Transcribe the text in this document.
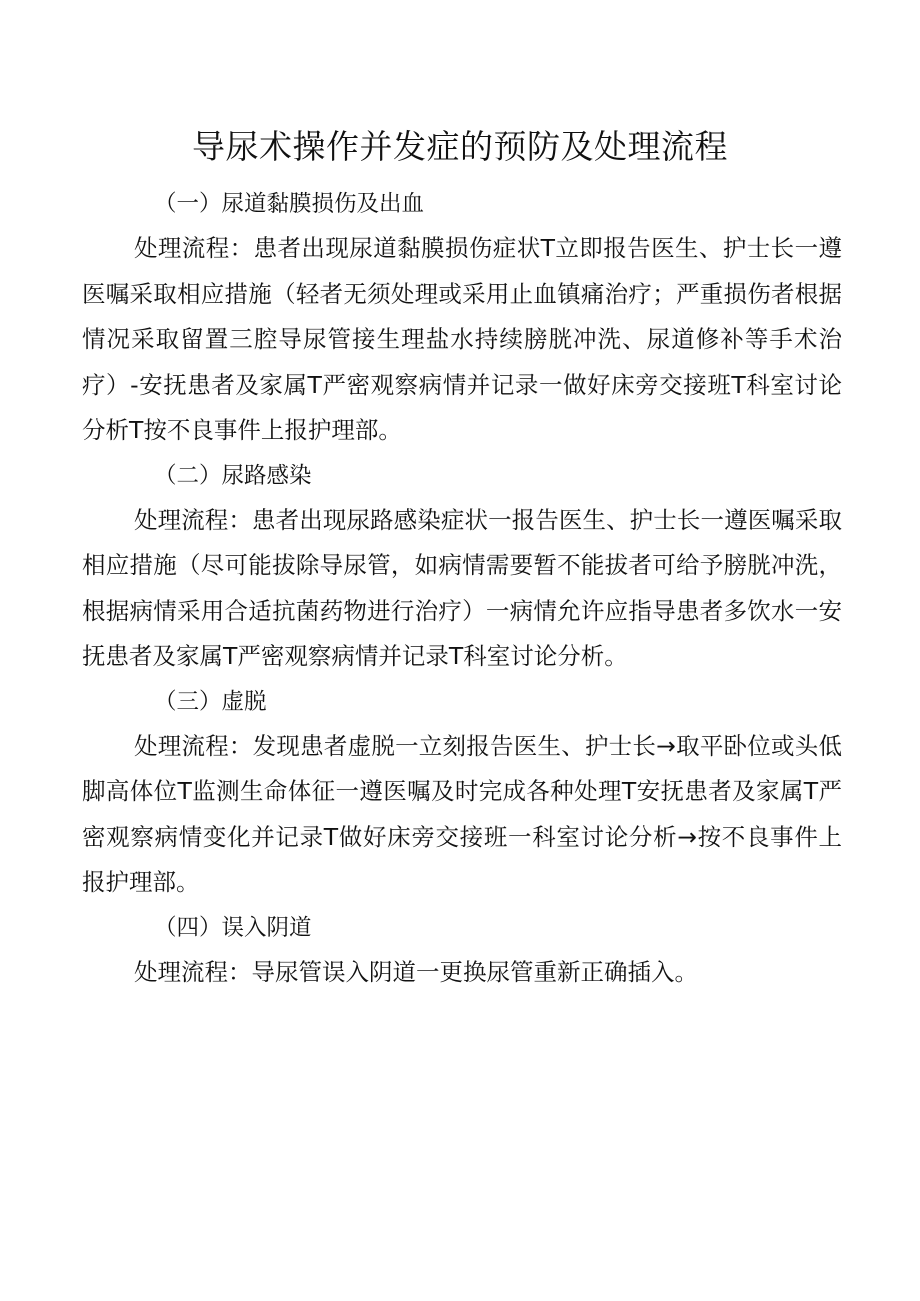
导尿术操作并发症的预防及处理流程

（一）尿道黏膜损伤及出血

处理流程：患者出现尿道黏膜损伤症状T立即报告医生、护士长一遵医嘱采取相应措施（轻者无须处理或采用止血镇痛治疗；严重损伤者根据情况采取留置三腔导尿管接生理盐水持续膀胱冲洗、尿道修补等手术治疗）-安抚患者及家属T严密观察病情并记录一做好床旁交接班T科室讨论分析T按不良事件上报护理部。

（二）尿路感染

处理流程：患者出现尿路感染症状一报告医生、护士长一遵医嘱采取相应措施（尽可能拔除导尿管，如病情需要暂不能拔者可给予膀胱冲洗，根据病情采用合适抗菌药物进行治疗）一病情允许应指导患者多饮水一安抚患者及家属T严密观察病情并记录T科室讨论分析。

（三）虚脱

处理流程：发现患者虚脱一立刻报告医生、护士长→取平卧位或头低脚高体位T监测生命体征一遵医嘱及时完成各种处理T安抚患者及家属T严密观察病情变化并记录T做好床旁交接班一科室讨论分析→按不良事件上报护理部。

（四）误入阴道

处理流程：导尿管误入阴道一更换尿管重新正确插入。
